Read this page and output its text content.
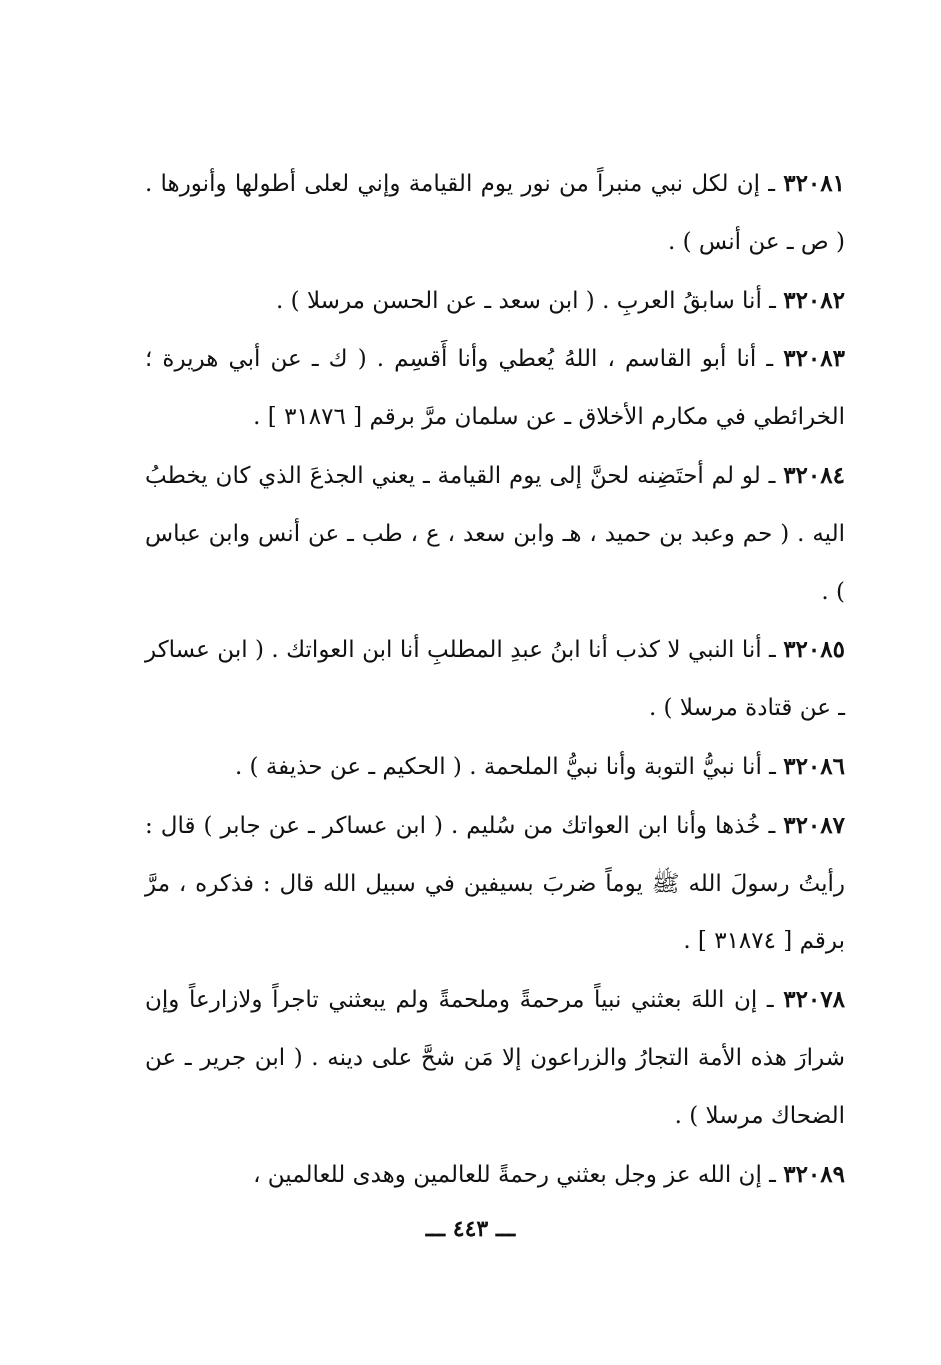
٣٢٠٨١ ـ إن لكل نبي منبراً من نور يوم القيامة وإني لعلى أطولها وأنورها . ( ص ـ عن أنس ) .

٣٢٠٨٢ ـ أنا سابقُ العربِ . ( ابن سعد ـ عن الحسن مرسلا ) .

٣٢٠٨٣ ـ أنا أبو القاسم ، اللهُ يُعطي وأنا أَقسِم . ( ك ـ عن أبي هريرة ؛ الخرائطي في مكارم الأخلاق ـ عن سلمان مرَّ برقم [ ٣١٨٧٦ ] .

٣٢٠٨٤ ـ لو لم أحتَضِنه لحنَّ إلى يوم القيامة ـ يعني الجذعَ الذي كان يخطبُ اليه . ( حم وعبد بن حميد ، هـ وابن سعد ، ع ، طب ـ عن أنس وابن عباس ) .

٣٢٠٨٥ ـ أنا النبي لا كذب أنا ابنُ عبدِ المطلبِ أنا ابن العواتك . ( ابن عساكر ـ عن قتادة مرسلا ) .

٣٢٠٨٦ ـ أنا نبيُّ التوبة وأنا نبيُّ الملحمة . ( الحكيم ـ عن حذيفة ) .

٣٢٠٨٧ ـ خُذها وأنا ابن العواتك من سُليم . ( ابن عساكر ـ عن جابر ) قال : رأيتُ رسولَ الله ﷺ يوماً ضربَ بسيفين في سبيل الله قال : فذكره ، مرَّ برقم [ ٣١٨٧٤ ] .

٣٢٠٧٨ ـ إن اللهَ بعثني نبياً مرحمةً وملحمةً ولم يبعثني تاجراً ولازارعاً وإن شرارَ هذه الأمة التجارُ والزراعون إلا مَن شحَّ على دينه . ( ابن جرير ـ عن الضحاك مرسلا ) .

٣٢٠٨٩ ـ إن الله عز وجل بعثني رحمةً للعالمين وهدى للعالمين ،

ـــ ٤٤٣ ـــ
